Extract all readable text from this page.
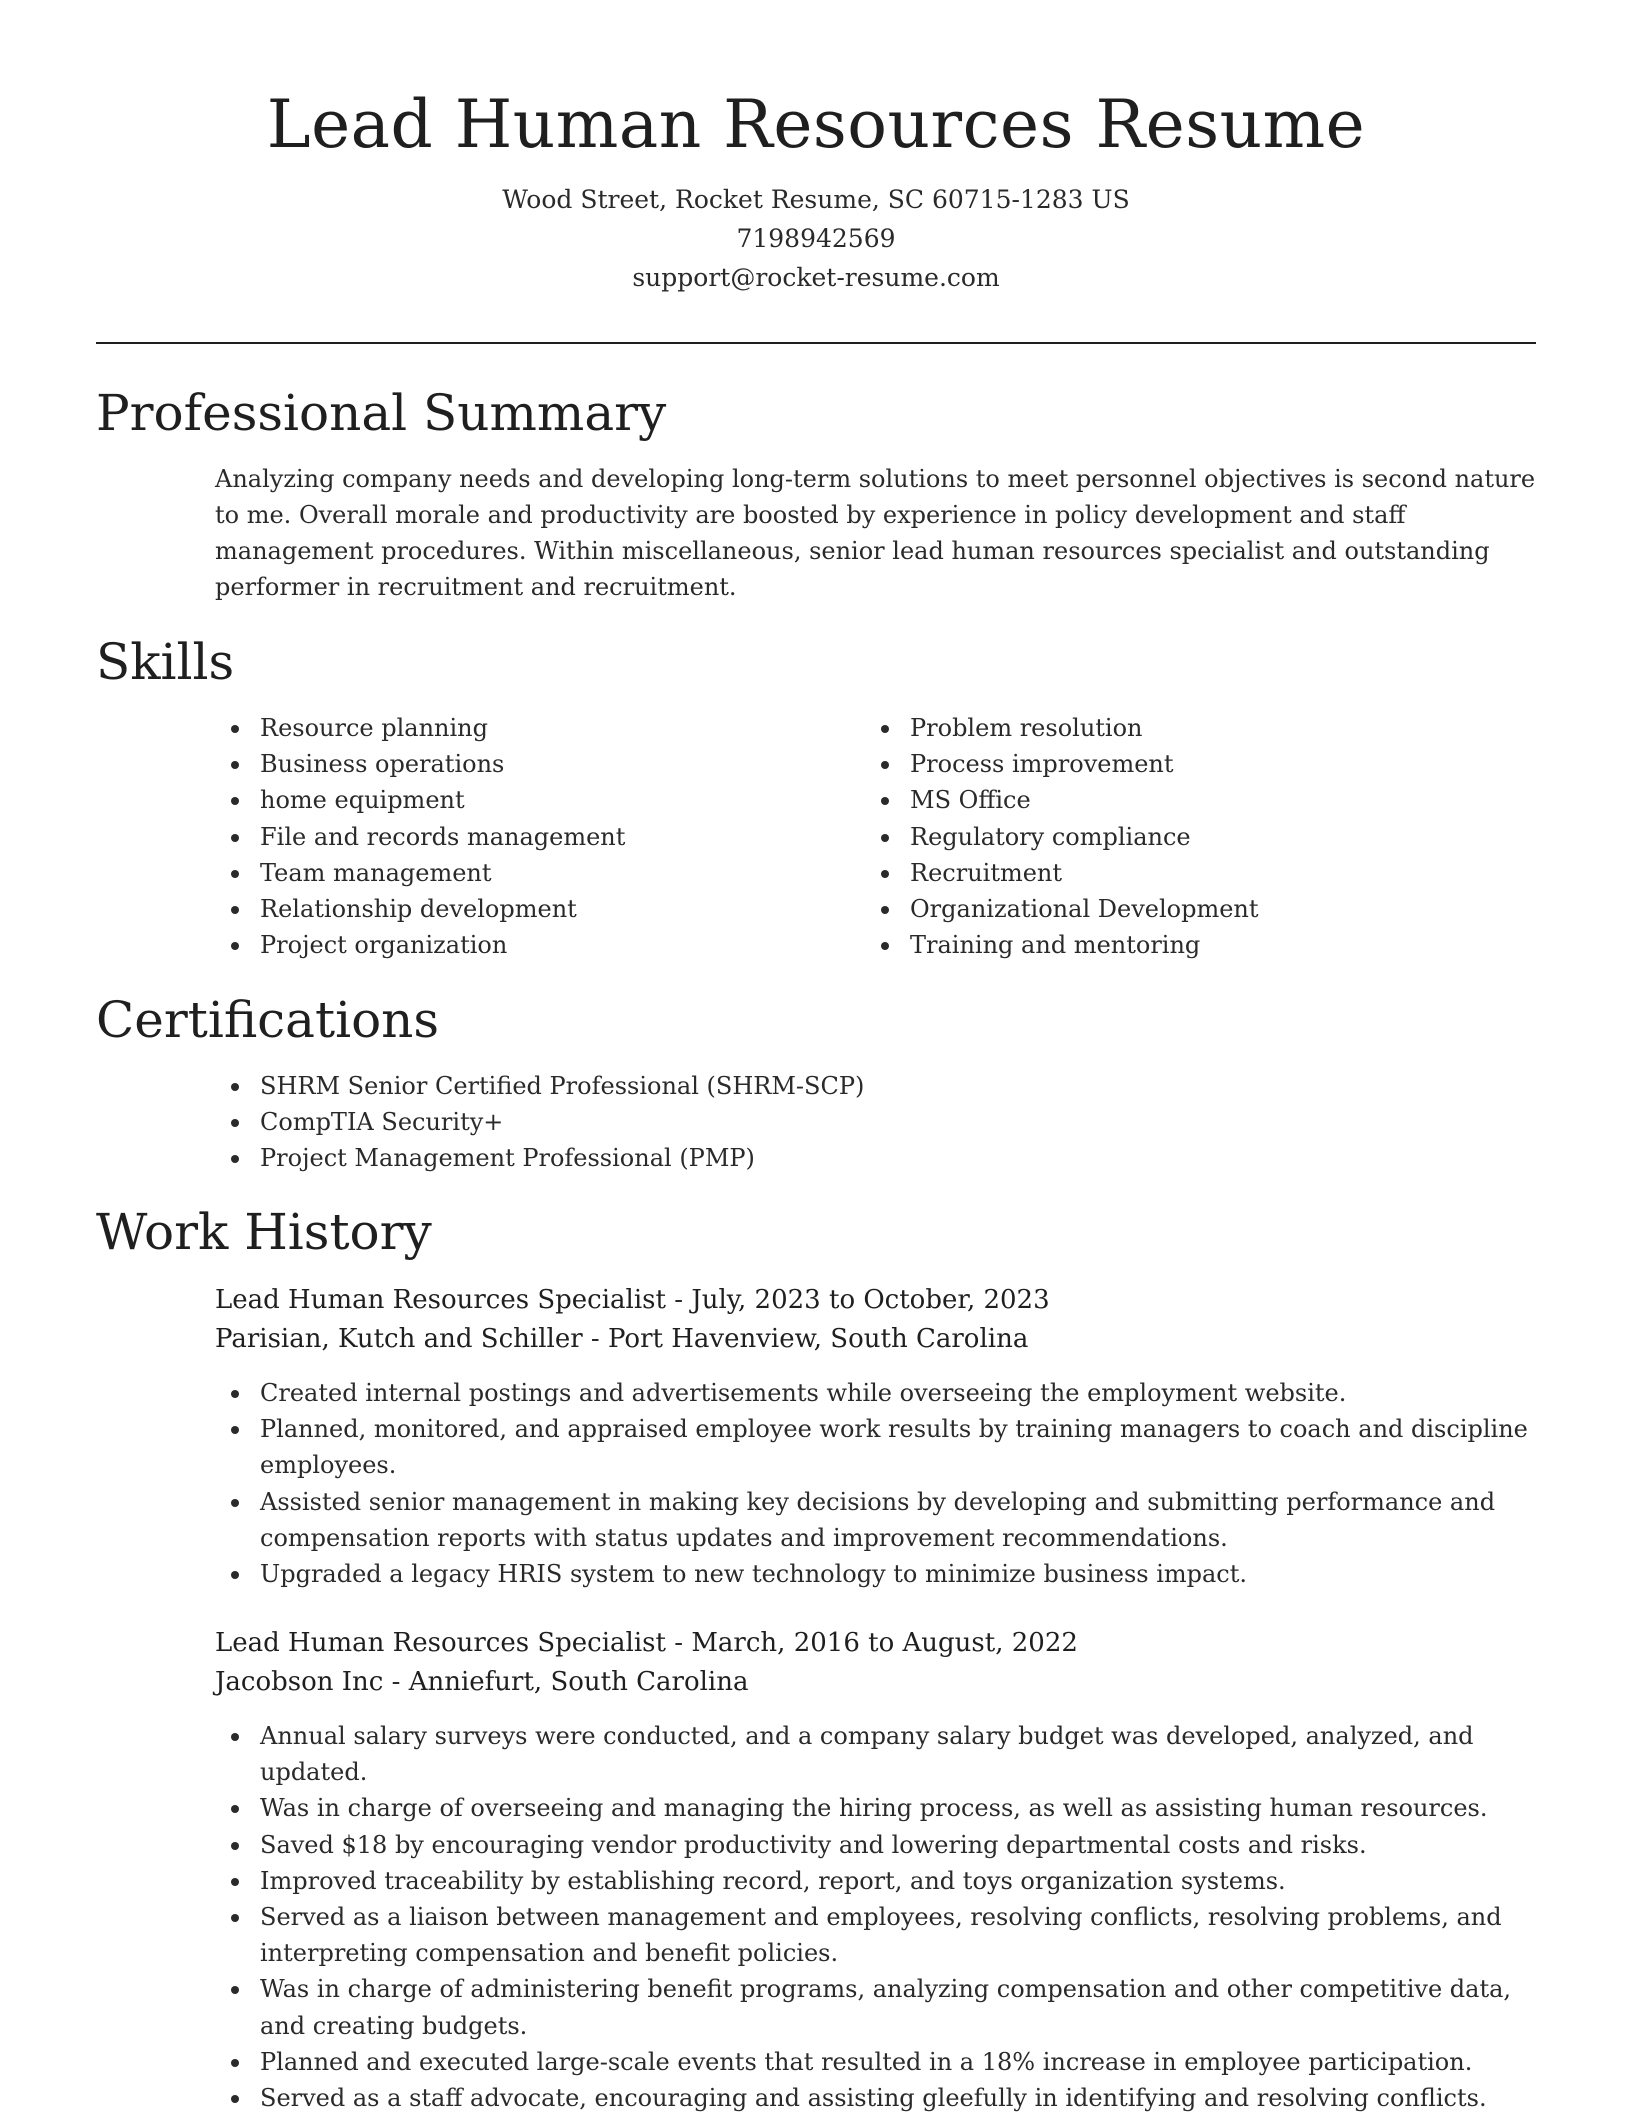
Lead Human Resources Resume
Wood Street, Rocket Resume, SC 60715-1283 US
7198942569
support@rocket-resume.com
Professional Summary

Analyzing company needs and developing long-term solutions to meet personnel objectives is second nature to me. Overall morale and productivity are boosted by experience in policy development and staff management procedures. Within miscellaneous, senior lead human resources specialist and outstanding performer in recruitment and recruitment.

Skills
Resource planning
Business operations
home equipment
File and records management
Team management
Relationship development
Project organization
Problem resolution
Process improvement
MS Office
Regulatory compliance
Recruitment
Organizational Development
Training and mentoring
Certifications
SHRM Senior Certified Professional (SHRM-SCP)
CompTIA Security+
Project Management Professional (PMP)
Work History
Lead Human Resources Specialist - July, 2023 to October, 2023
Parisian, Kutch and Schiller - Port Havenview, South Carolina
Created internal postings and advertisements while overseeing the employment website.
Planned, monitored, and appraised employee work results by training managers to coach and discipline employees.
Assisted senior management in making key decisions by developing and submitting performance and compensation reports with status updates and improvement recommendations.
Upgraded a legacy HRIS system to new technology to minimize business impact.
Lead Human Resources Specialist - March, 2016 to August, 2022
Jacobson Inc - Anniefurt, South Carolina
Annual salary surveys were conducted, and a company salary budget was developed, analyzed, and updated.
Was in charge of overseeing and managing the hiring process, as well as assisting human resources.
Saved $18 by encouraging vendor productivity and lowering departmental costs and risks.
Improved traceability by establishing record, report, and toys organization systems.
Served as a liaison between management and employees, resolving conflicts, resolving problems, and interpreting compensation and benefit policies.
Was in charge of administering benefit programs, analyzing compensation and other competitive data, and creating budgets.
Planned and executed large-scale events that resulted in a 18% increase in employee participation.
Served as a staff advocate, encouraging and assisting gleefully in identifying and resolving conflicts.
